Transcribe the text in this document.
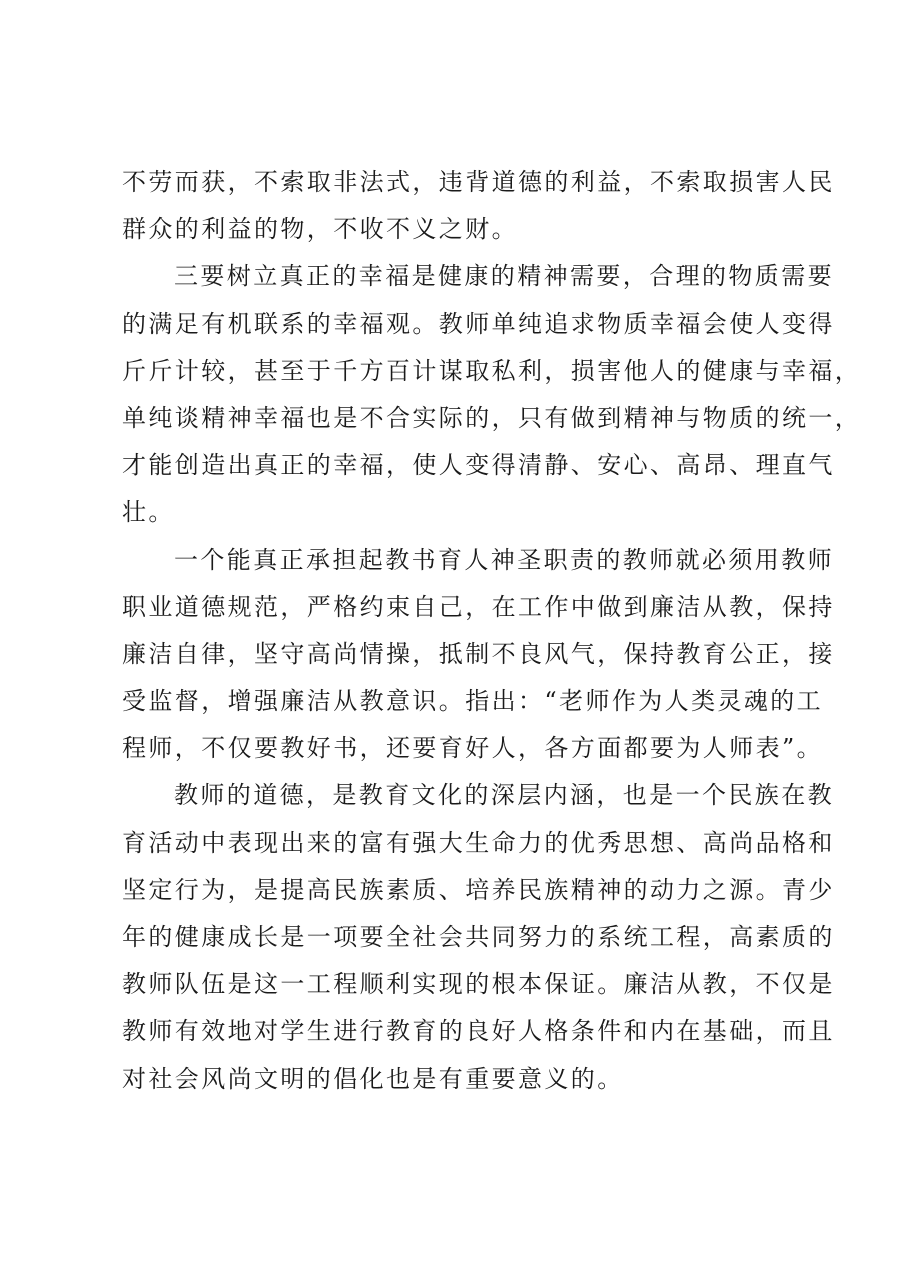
不劳而获，不索取非法式，违背道德的利益，不索取损害人民
群众的利益的物，不收不义之财。
三要树立真正的幸福是健康的精神需要，合理的物质需要
的满足有机联系的幸福观。教师单纯追求物质幸福会使人变得
斤斤计较，甚至于千方百计谋取私利，损害他人的健康与幸福，
单纯谈精神幸福也是不合实际的，只有做到精神与物质的统一，
才能创造出真正的幸福，使人变得清静、安心、高昂、理直气
壮。
一个能真正承担起教书育人神圣职责的教师就必须用教师
职业道德规范，严格约束自己，在工作中做到廉洁从教，保持
廉洁自律，坚守高尚情操，抵制不良风气，保持教育公正，接
受监督，增强廉洁从教意识。指出：“老师作为人类灵魂的工
程师，不仅要教好书，还要育好人，各方面都要为人师表”。
教师的道德，是教育文化的深层内涵，也是一个民族在教
育活动中表现出来的富有强大生命力的优秀思想、高尚品格和
坚定行为，是提高民族素质、培养民族精神的动力之源。青少
年的健康成长是一项要全社会共同努力的系统工程，高素质的
教师队伍是这一工程顺利实现的根本保证。廉洁从教，不仅是
教师有效地对学生进行教育的良好人格条件和内在基础，而且
对社会风尚文明的倡化也是有重要意义的。
